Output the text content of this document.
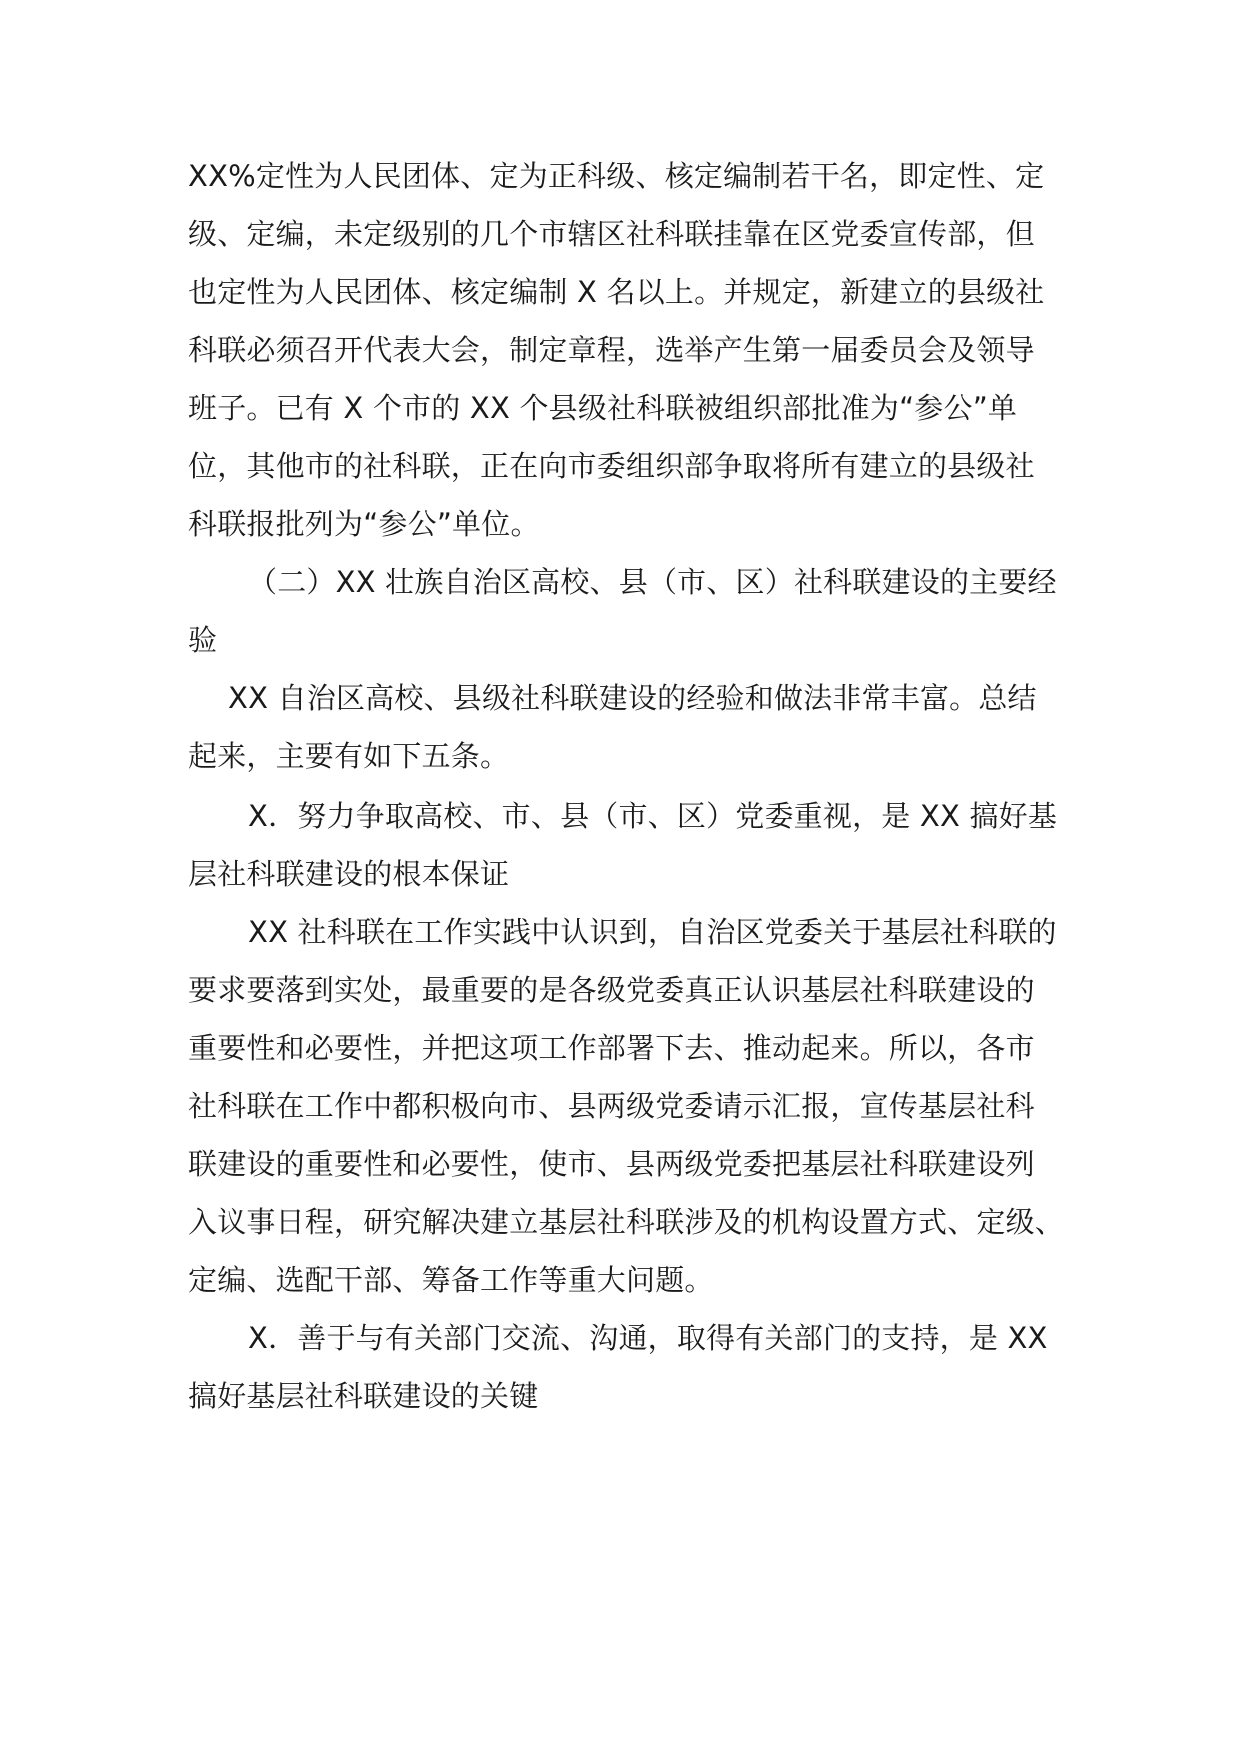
XX%定性为人民团体、定为正科级、核定编制若干名，即定性、定
级、定编，未定级别的几个市辖区社科联挂靠在区党委宣传部，但
也定性为人民团体、核定编制 X 名以上。并规定，新建立的县级社
科联必须召开代表大会，制定章程，选举产生第一届委员会及领导
班子。已有 X 个市的 XX 个县级社科联被组织部批准为“参公”单
位，其他市的社科联，正在向市委组织部争取将所有建立的县级社
科联报批列为“参公”单位。
（二）XX 壮族自治区高校、县（市、区）社科联建设的主要经
验
XX 自治区高校、县级社科联建设的经验和做法非常丰富。总结
起来，主要有如下五条。
X．努力争取高校、市、县（市、区）党委重视，是 XX 搞好基
层社科联建设的根本保证
XX 社科联在工作实践中认识到，自治区党委关于基层社科联的
要求要落到实处，最重要的是各级党委真正认识基层社科联建设的
重要性和必要性，并把这项工作部署下去、推动起来。所以，各市
社科联在工作中都积极向市、县两级党委请示汇报，宣传基层社科
联建设的重要性和必要性，使市、县两级党委把基层社科联建设列
入议事日程，研究解决建立基层社科联涉及的机构设置方式、定级、
定编、选配干部、筹备工作等重大问题。
X．善于与有关部门交流、沟通，取得有关部门的支持，是 XX
搞好基层社科联建设的关键
